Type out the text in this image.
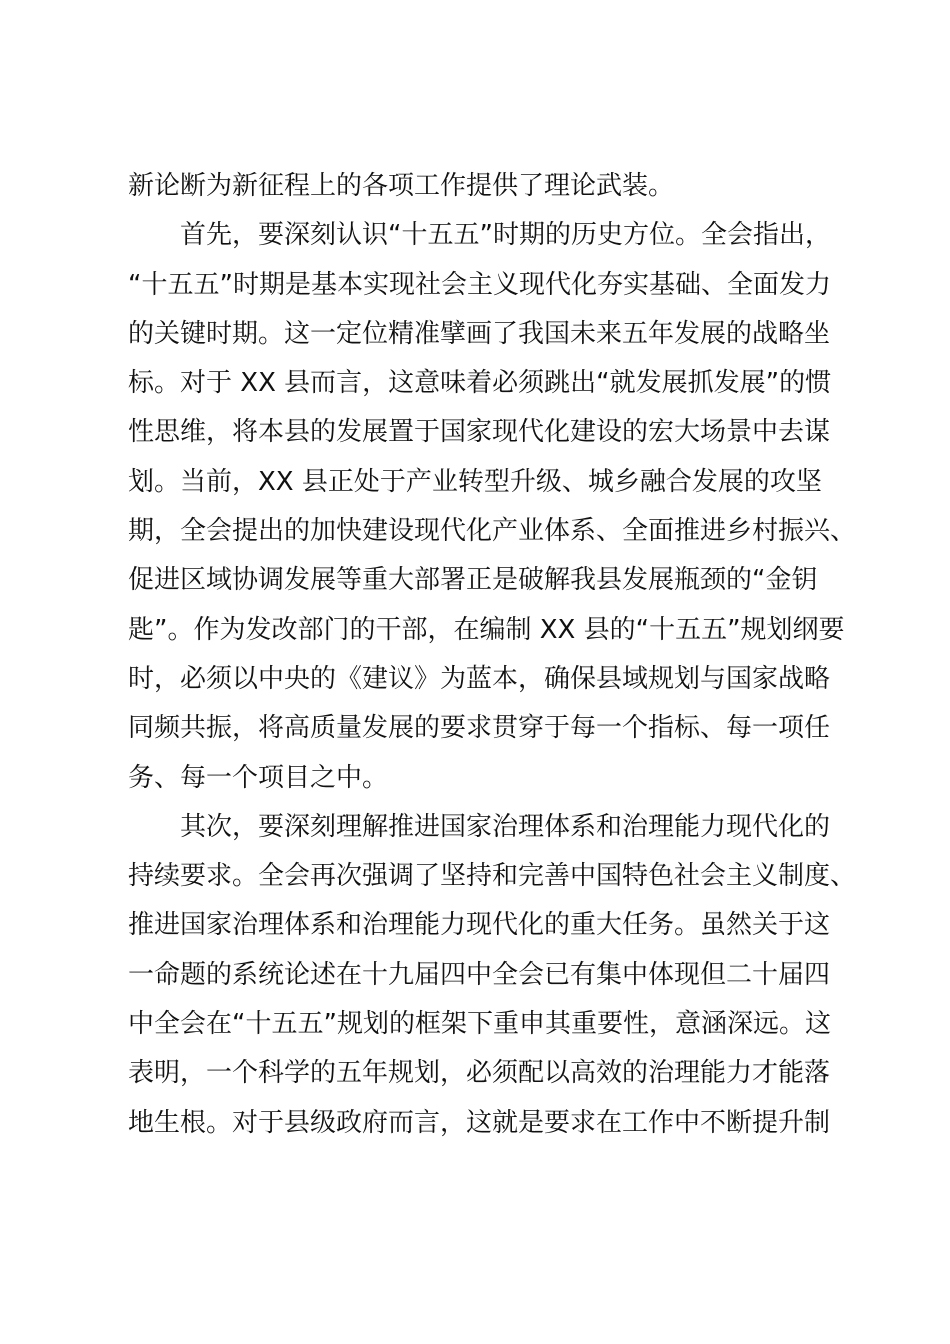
新论断为新征程上的各项工作提供了理论武装。
首先，要深刻认识“十五五”时期的历史方位。全会指出，
“十五五”时期是基本实现社会主义现代化夯实基础、全面发力
的关键时期。这一定位精准擘画了我国未来五年发展的战略坐
标。对于 XX 县而言，这意味着必须跳出“就发展抓发展”的惯
性思维，将本县的发展置于国家现代化建设的宏大场景中去谋
划。当前，XX 县正处于产业转型升级、城乡融合发展的攻坚
期，全会提出的加快建设现代化产业体系、全面推进乡村振兴、
促进区域协调发展等重大部署正是破解我县发展瓶颈的“金钥
匙”。作为发改部门的干部，在编制 XX 县的“十五五”规划纲要
时，必须以中央的《建议》为蓝本，确保县域规划与国家战略
同频共振，将高质量发展的要求贯穿于每一个指标、每一项任
务、每一个项目之中。
其次，要深刻理解推进国家治理体系和治理能力现代化的
持续要求。全会再次强调了坚持和完善中国特色社会主义制度、
推进国家治理体系和治理能力现代化的重大任务。虽然关于这
一命题的系统论述在十九届四中全会已有集中体现但二十届四
中全会在“十五五”规划的框架下重申其重要性，意涵深远。这
表明，一个科学的五年规划，必须配以高效的治理能力才能落
地生根。对于县级政府而言，这就是要求在工作中不断提升制
